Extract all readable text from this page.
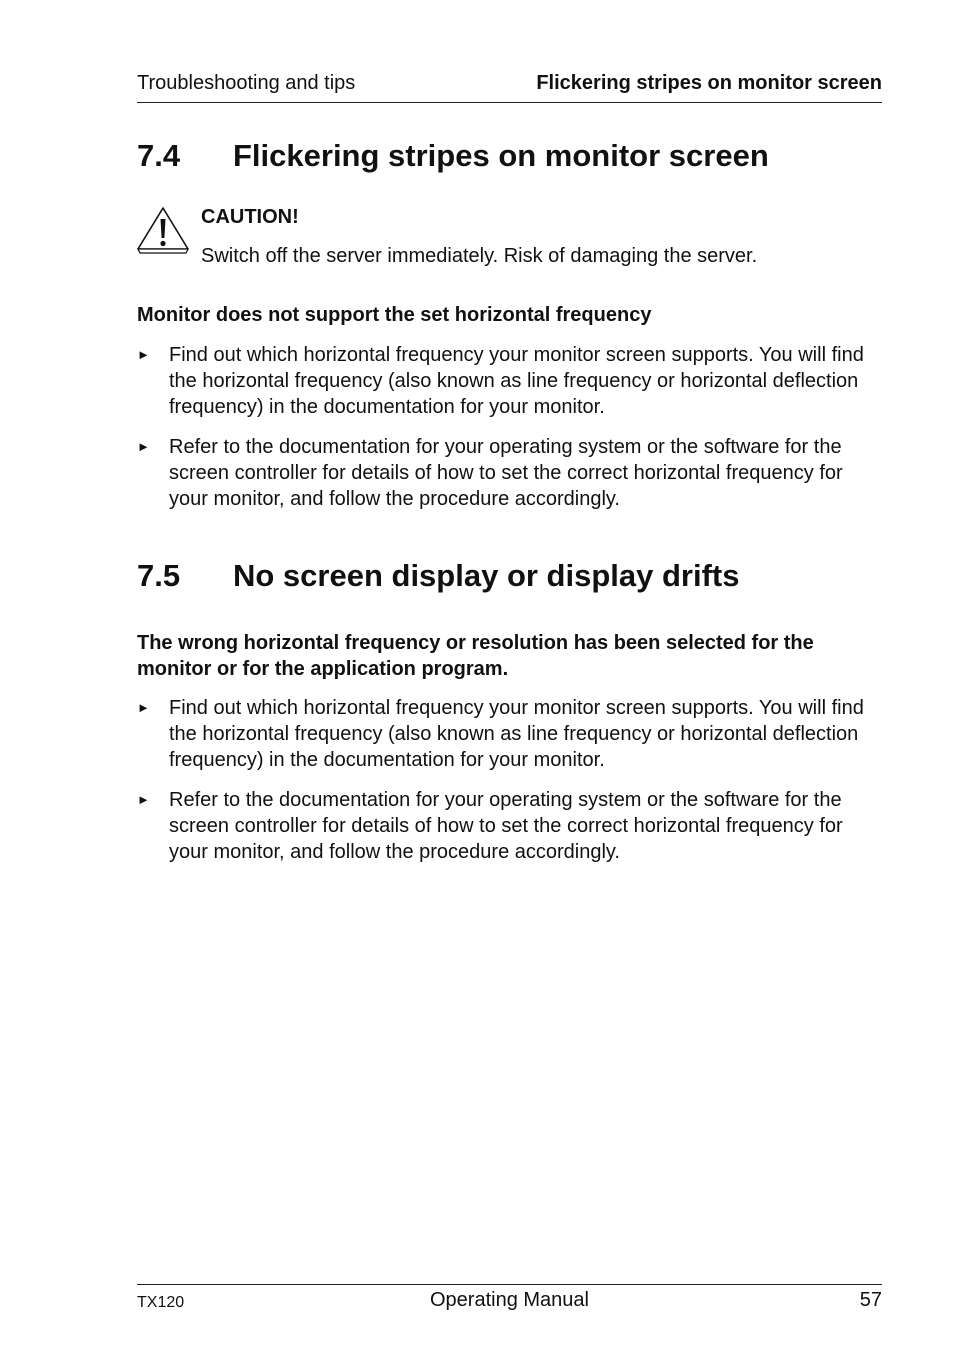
Troubleshooting and tips	Flickering stripes on monitor screen
7.4 Flickering stripes on monitor screen
CAUTION!
Switch off the server immediately. Risk of damaging the server.

Monitor does not support the set horizontal frequency

► Find out which horizontal frequency your monitor screen supports. You will find the horizontal frequency (also known as line frequency or horizontal deflection frequency) in the documentation for your monitor.
► Refer to the documentation for your operating system or the software for the screen controller for details of how to set the correct horizontal frequency for your monitor, and follow the procedure accordingly.
7.5 No screen display or display drifts

The wrong horizontal frequency or resolution has been selected for the monitor or for the application program.

► Find out which horizontal frequency your monitor screen supports. You will find the horizontal frequency (also known as line frequency or horizontal deflection frequency) in the documentation for your monitor.
► Refer to the documentation for your operating system or the software for the screen controller for details of how to set the correct horizontal frequency for your monitor, and follow the procedure accordingly.
TX120	Operating Manual	57
